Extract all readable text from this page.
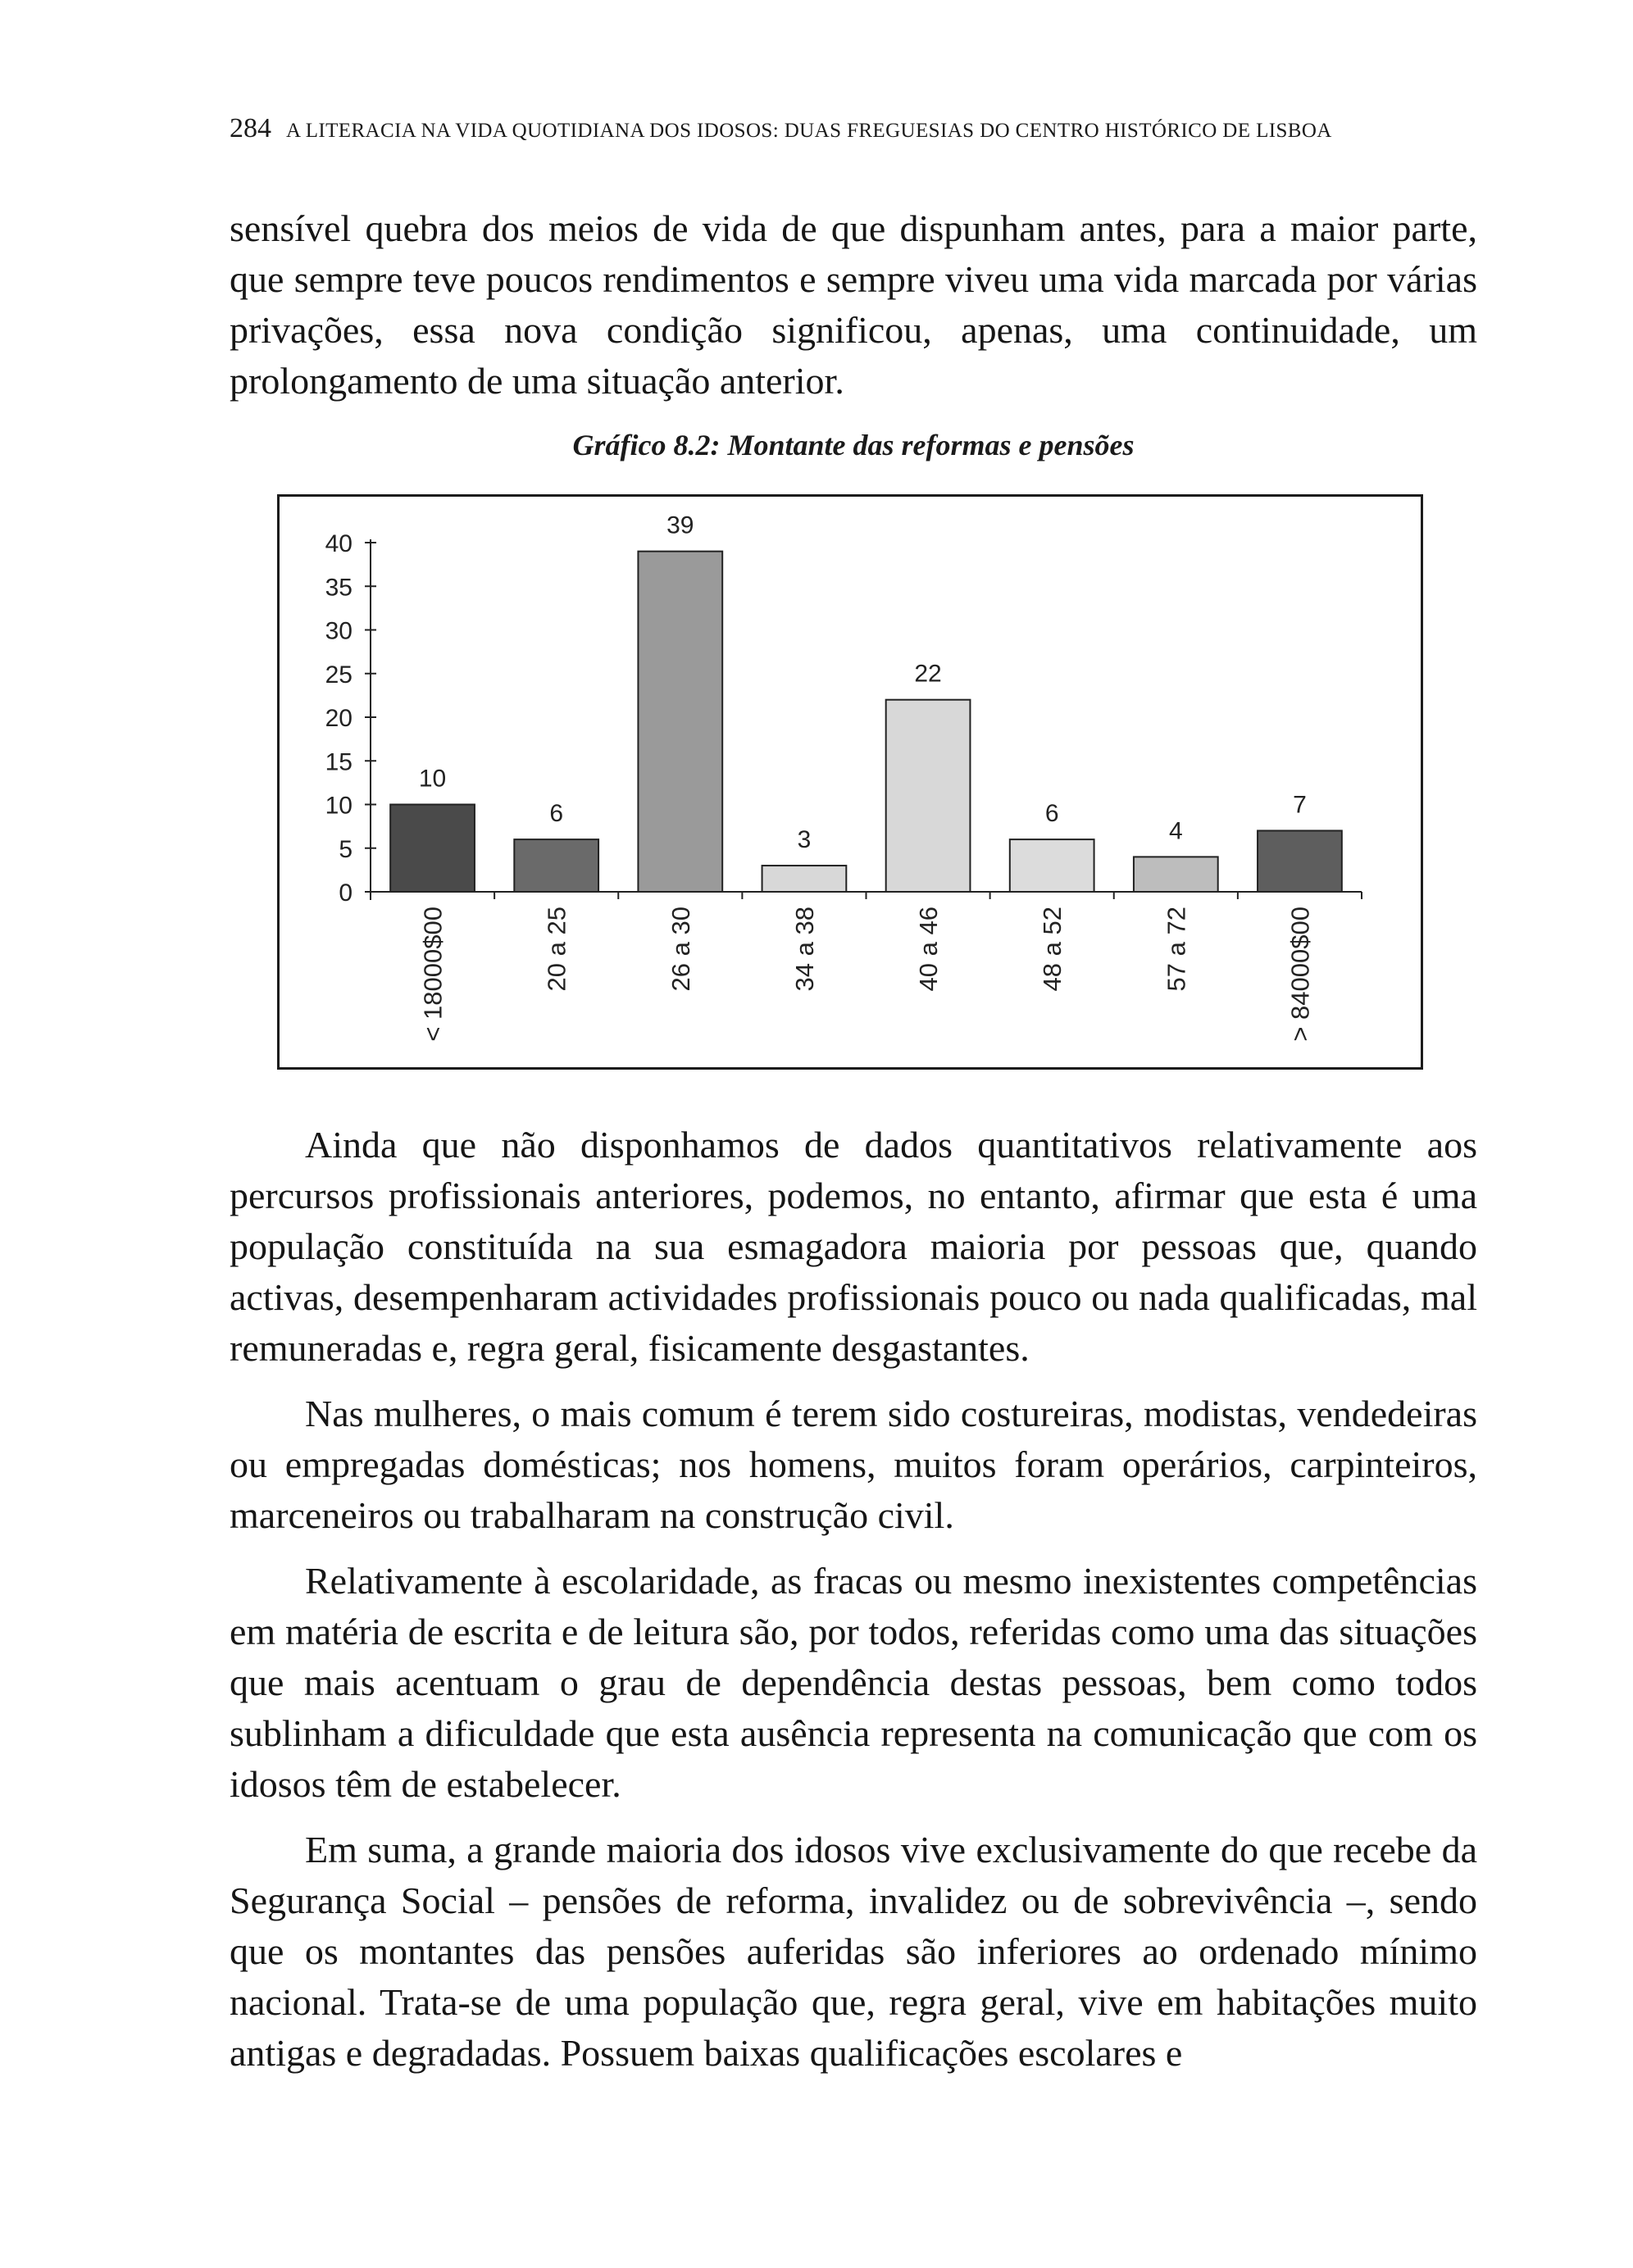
284 A LITERACIA NA VIDA QUOTIDIANA DOS IDOSOS: DUAS FREGUESIAS DO CENTRO HISTÓRICO DE LISBOA

sensível quebra dos meios de vida de que dispunham antes, para a maior parte, que sempre teve poucos rendimentos e sempre viveu uma vida marcada por várias privações, essa nova condição significou, apenas, uma continuidade, um prolongamento de uma situação anterior.

Gráfico 8.2: Montante das reformas e pensões
0
5
10
15
20
25
30
35
40
10
< 18000$00
6
20 a 25
39
26 a 30
3
34 a 38
22
40 a 46
6
48 a 52
4
57 a 72
7
> 84000$00

Ainda que não disponhamos de dados quantitativos relativamente aos percursos profissionais anteriores, podemos, no entanto, afirmar que esta é uma população constituída na sua esmagadora maioria por pessoas que, quando activas, desempenharam actividades profissionais pouco ou nada qualificadas, mal remuneradas e, regra geral, fisicamente desgastantes.

Nas mulheres, o mais comum é terem sido costureiras, modistas, vendedeiras ou empregadas domésticas; nos homens, muitos foram operários, carpinteiros, marceneiros ou trabalharam na construção civil.

Relativamente à escolaridade, as fracas ou mesmo inexistentes competências em matéria de escrita e de leitura são, por todos, referidas como uma das situações que mais acentuam o grau de dependência destas pessoas, bem como todos sublinham a dificuldade que esta ausência representa na comunicação que com os idosos têm de estabelecer.

Em suma, a grande maioria dos idosos vive exclusivamente do que recebe da Segurança Social – pensões de reforma, invalidez ou de sobrevivência –, sendo que os montantes das pensões auferidas são inferiores ao ordenado mínimo nacional. Trata-se de uma população que, regra geral, vive em habitações muito antigas e degradadas. Possuem baixas qualificações escolares e
